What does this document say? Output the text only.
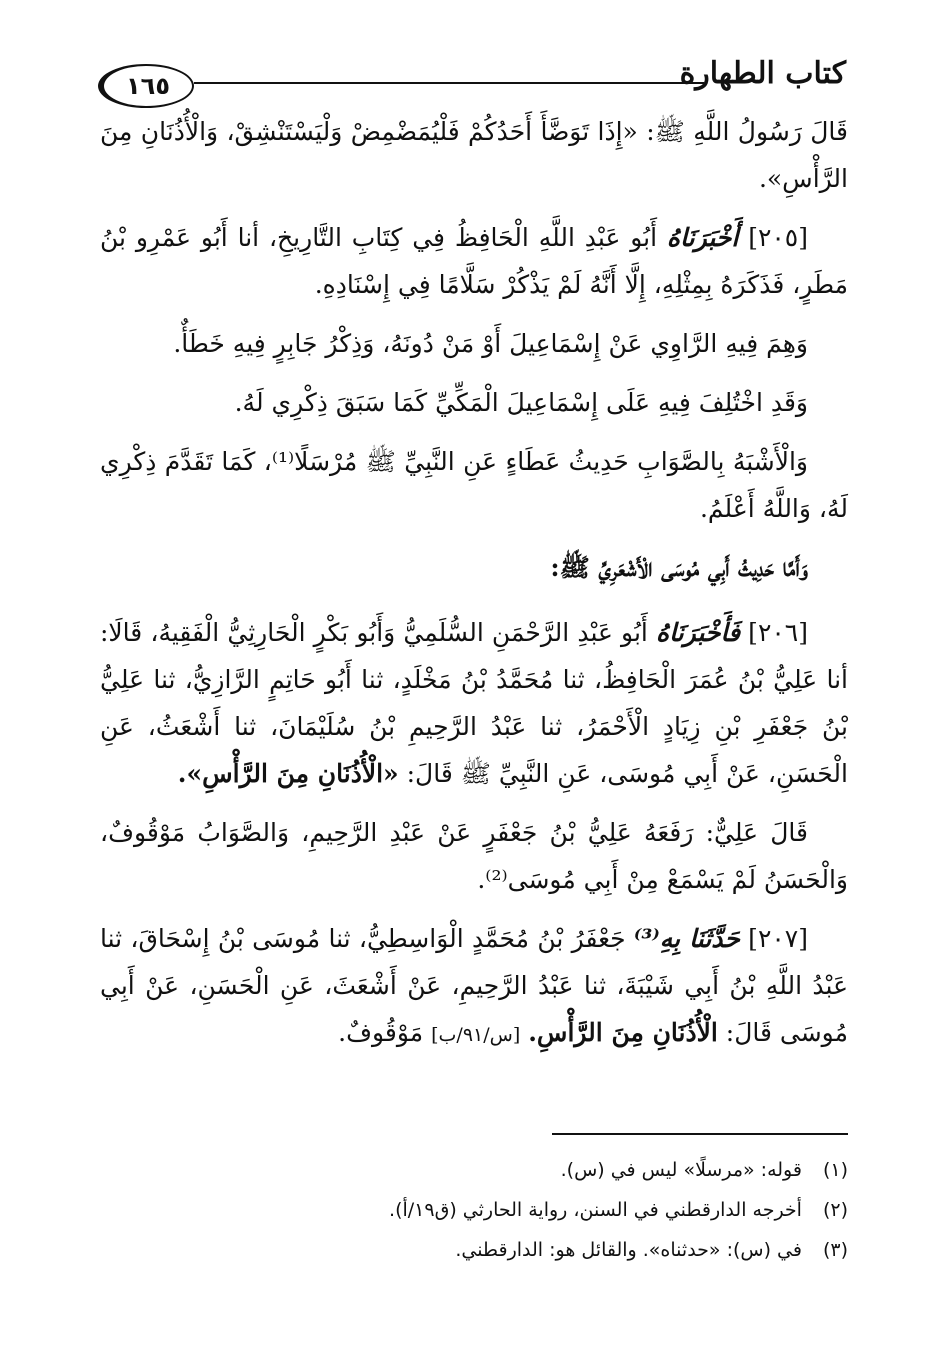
كتاب الطهارة
١٦٥

قَالَ رَسُولُ اللَّهِ ﷺ: «إِذَا تَوَضَّأَ أَحَدُكُمْ فَلْيُمَضْمِضْ وَلْيَسْتَنْشِقْ، وَالْأُذُنَانِ مِنَ الرَّأْسِ».

[٢٠٥] أَخْبَرَنَاهُ أَبُو عَبْدِ اللَّهِ الْحَافِظُ فِي كِتَابِ التَّارِيخِ، أنا أَبُو عَمْرِو بْنُ مَطَرٍ، فَذَكَرَهُ بِمِثْلِهِ، إِلَّا أَنَّهُ لَمْ يَذْكُرْ سَلَّامًا فِي إِسْنَادِهِ.

وَهِمَ فِيهِ الرَّاوِي عَنْ إِسْمَاعِيلَ أَوْ مَنْ دُونَهُ، وَذِكْرُ جَابِرٍ فِيهِ خَطَأٌ.

وَقَدِ اخْتُلِفَ فِيهِ عَلَى إِسْمَاعِيلَ الْمَكِّيِّ كَمَا سَبَقَ ذِكْرِي لَهُ.

وَالْأَشْبَهُ بِالصَّوَابِ حَدِيثُ عَطَاءٍ عَنِ النَّبِيِّ ﷺ مُرْسَلًا⁽¹⁾، كَمَا تَقَدَّمَ ذِكْرِي لَهُ، وَاللَّهُ أَعْلَمُ.

وَأَمَّا حَدِيثُ أَبِي مُوسَى الْأَشْعَرِيِّ ﷺ:

[٢٠٦] فَأَخْبَرَنَاهُ أَبُو عَبْدِ الرَّحْمَنِ السُّلَمِيُّ وَأَبُو بَكْرٍ الْحَارِثِيُّ الْفَقِيهُ، قَالَا: أنا عَلِيُّ بْنُ عُمَرَ الْحَافِظُ، ثنا مُحَمَّدُ بْنُ مَخْلَدٍ، ثنا أَبُو حَاتِمٍ الرَّازِيُّ، ثنا عَلِيُّ بْنُ جَعْفَرِ بْنِ زِيَادٍ الْأَحْمَرُ، ثنا عَبْدُ الرَّحِيمِ بْنُ سُلَيْمَانَ، ثنا أَشْعَثُ، عَنِ الْحَسَنِ، عَنْ أَبِي مُوسَى، عَنِ النَّبِيِّ ﷺ قَالَ: «الْأُذُنَانِ مِنَ الرَّأْسِ».

قَالَ عَلِيٌّ: رَفَعَهُ عَلِيُّ بْنُ جَعْفَرٍ عَنْ عَبْدِ الرَّحِيمِ، وَالصَّوَابُ مَوْقُوفٌ، وَالْحَسَنُ لَمْ يَسْمَعْ مِنْ أَبِي مُوسَى⁽²⁾.

[٢٠٧] حَدَّثَنَا بِهِ⁽³⁾ جَعْفَرُ بْنُ مُحَمَّدٍ الْوَاسِطِيُّ، ثنا مُوسَى بْنُ إِسْحَاقَ، ثنا عَبْدُ اللَّهِ بْنُ أَبِي شَيْبَةَ، ثنا عَبْدُ الرَّحِيمِ، عَنْ أَشْعَثَ، عَنِ الْحَسَنِ، عَنْ أَبِي مُوسَى قَالَ: الْأُذُنَانِ مِنَ الرَّأْسِ. [س/٩١/ب] مَوْقُوفٌ.

(١) قوله: «مرسلًا» ليس في (س).

(٢) أخرجه الدارقطني في السنن، رواية الحارثي (ق١٩/أ).

(٣) في (س): «حدثناه». والقائل هو: الدارقطني.
